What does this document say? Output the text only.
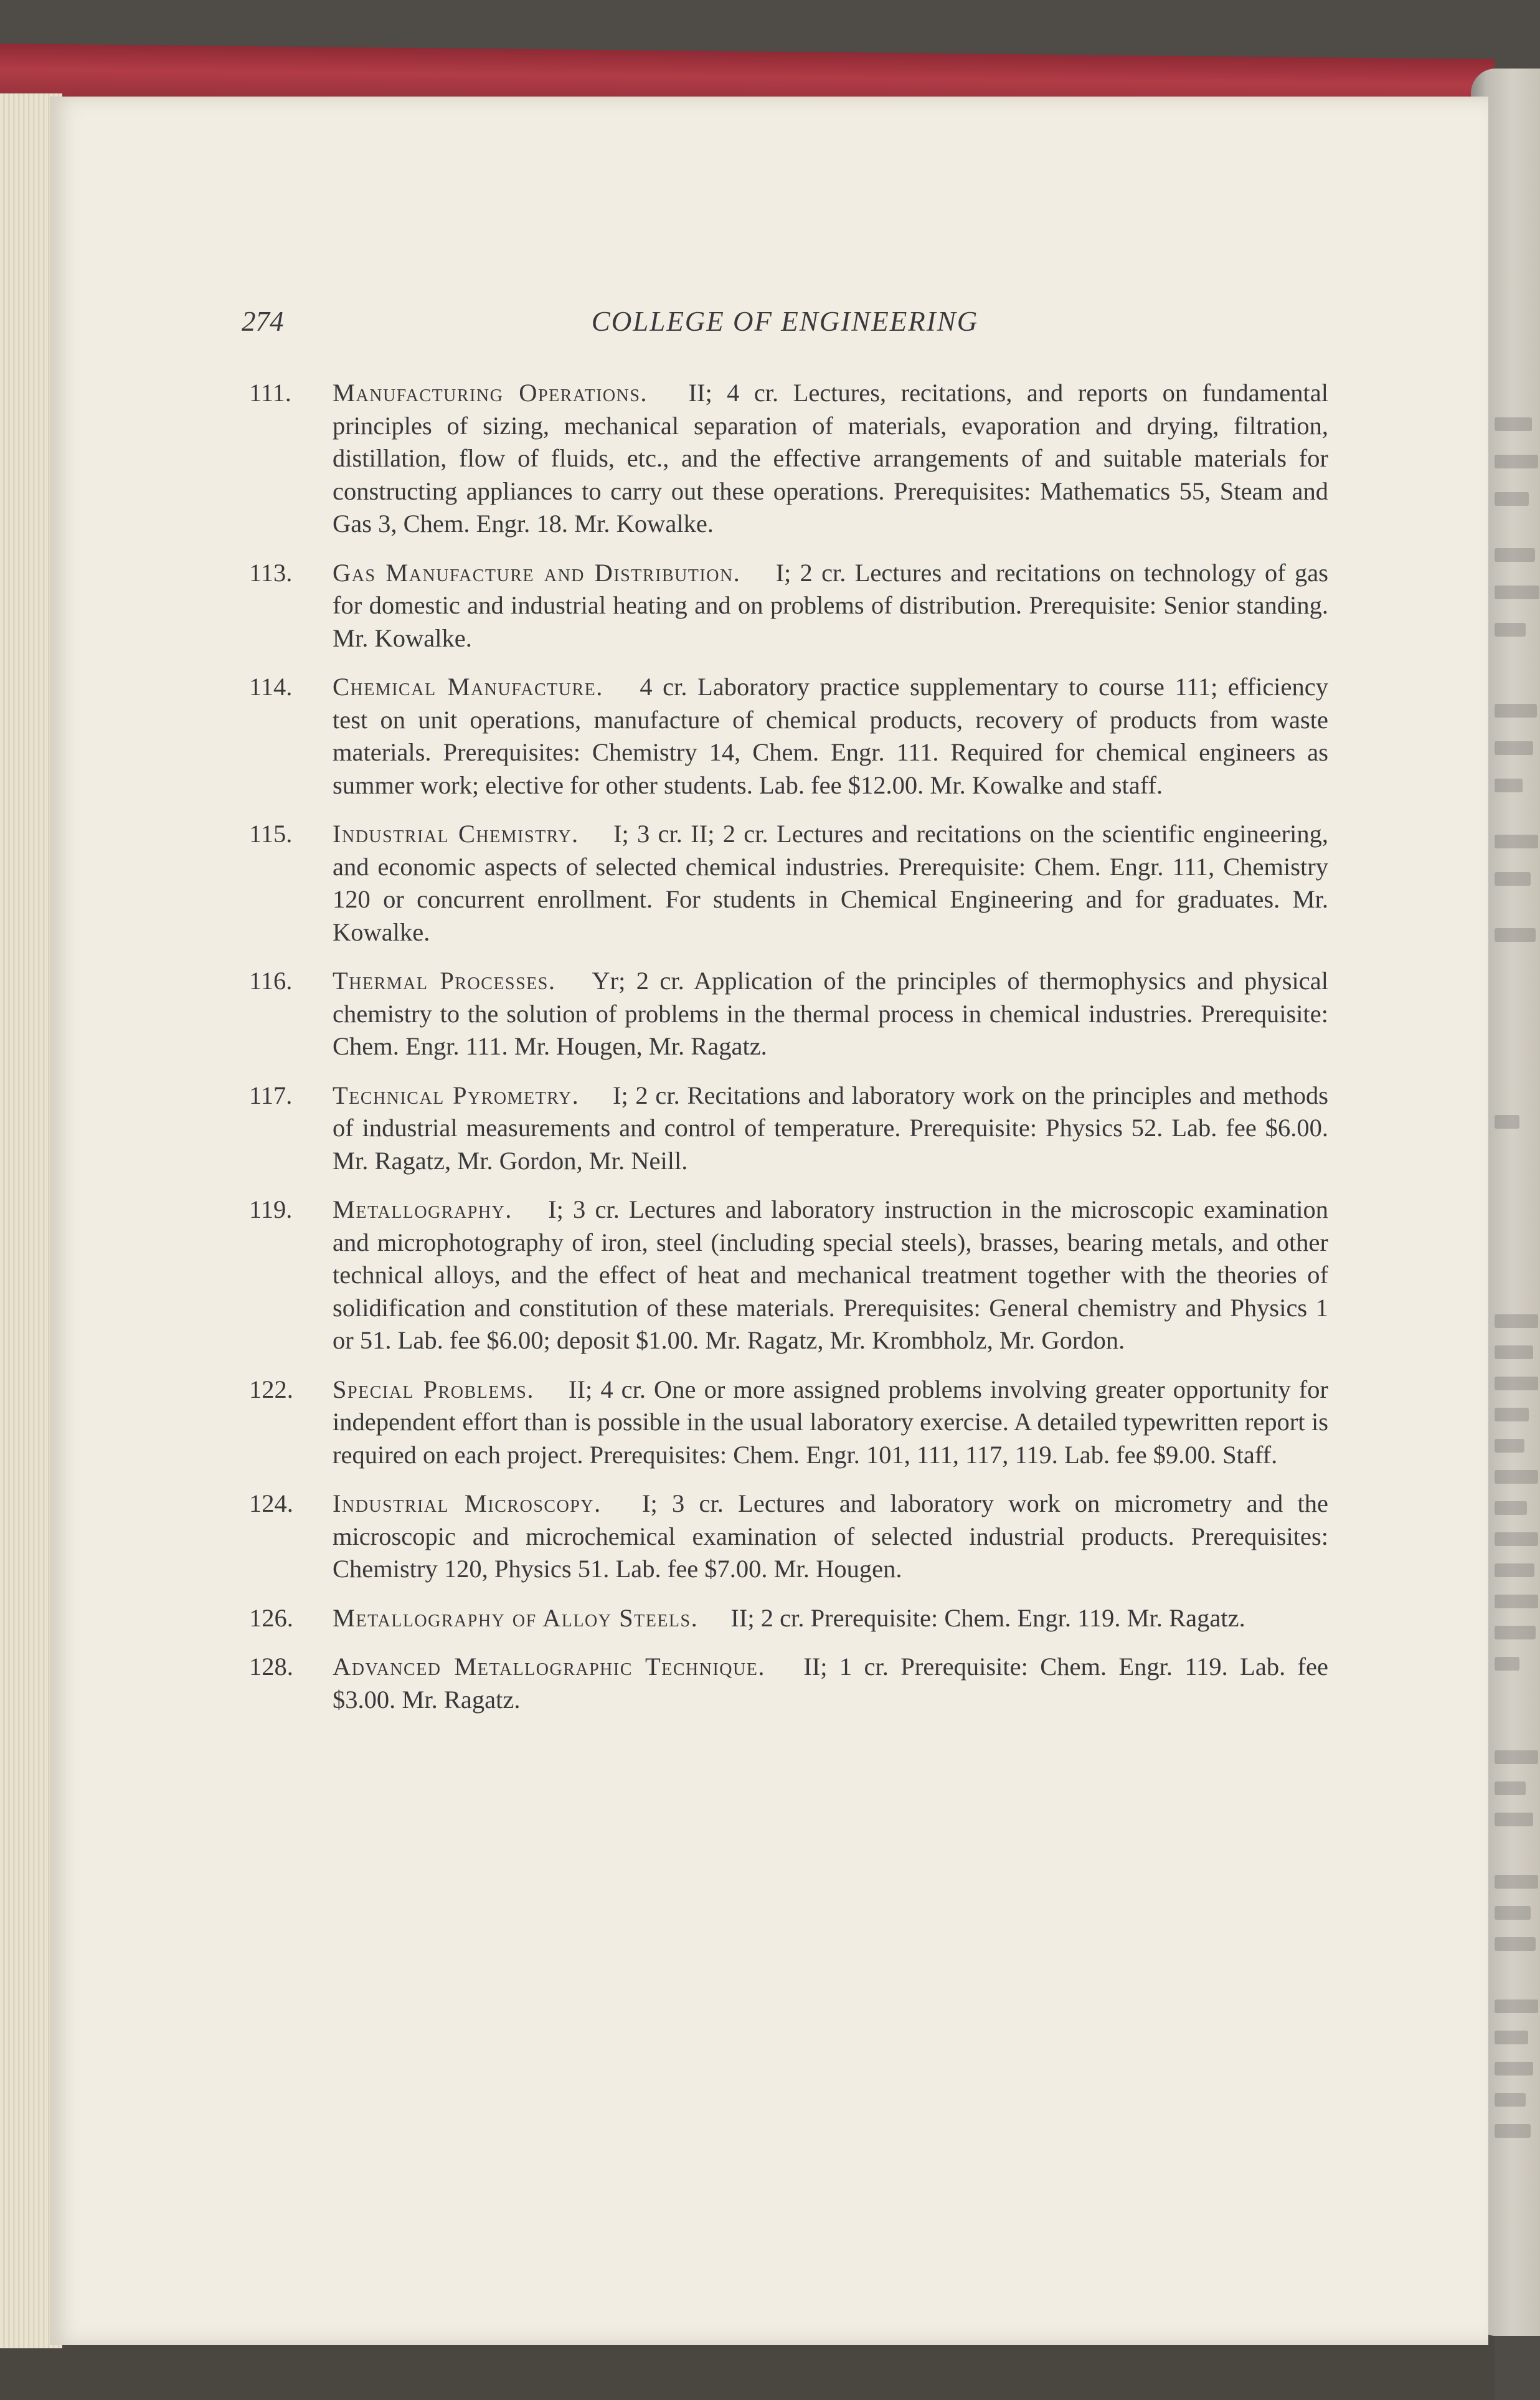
274	COLLEGE OF ENGINEERING
111. Manufacturing Operations.  II; 4 cr. Lectures, recitations, and reports on fundamental principles of sizing, mechanical separation of materials, evaporation and drying, filtration, distillation, flow of fluids, etc., and the effective arrangements of and suitable materials for constructing appliances to carry out these operations. Prerequisites: Mathematics 55, Steam and Gas 3, Chem. Engr. 18. Mr. Kowalke.
113. Gas Manufacture and Distribution.  I; 2 cr. Lectures and recitations on technology of gas for domestic and industrial heating and on problems of distribution. Prerequisite: Senior standing. Mr. Kowalke.
114. Chemical Manufacture.  4 cr. Laboratory practice supplementary to course 111; efficiency test on unit operations, manufacture of chemical products, recovery of products from waste materials. Prerequisites: Chemistry 14, Chem. Engr. 111. Required for chemical engineers as summer work; elective for other students. Lab. fee $12.00. Mr. Kowalke and staff.
115. Industrial Chemistry.  I; 3 cr. II; 2 cr. Lectures and recitations on the scientific engineering, and economic aspects of selected chemical industries. Prerequisite: Chem. Engr. 111, Chemistry 120 or concurrent enrollment. For students in Chemical Engineering and for graduates. Mr. Kowalke.
116. Thermal Processes.  Yr; 2 cr. Application of the principles of thermophysics and physical chemistry to the solution of problems in the thermal process in chemical industries. Prerequisite: Chem. Engr. 111. Mr. Hougen, Mr. Ragatz.
117. Technical Pyrometry.  I; 2 cr. Recitations and laboratory work on the principles and methods of industrial measurements and control of temperature. Prerequisite: Physics 52. Lab. fee $6.00. Mr. Ragatz, Mr. Gordon, Mr. Neill.
119. Metallography.  I; 3 cr. Lectures and laboratory instruction in the microscopic examination and microphotography of iron, steel (including special steels), brasses, bearing metals, and other technical alloys, and the effect of heat and mechanical treatment together with the theories of solidification and constitution of these materials. Prerequisites: General chemistry and Physics 1 or 51. Lab. fee $6.00; deposit $1.00. Mr. Ragatz, Mr. Krombholz, Mr. Gordon.
122. Special Problems.  II; 4 cr. One or more assigned problems involving greater opportunity for independent effort than is possible in the usual laboratory exercise. A detailed typewritten report is required on each project. Prerequisites: Chem. Engr. 101, 111, 117, 119. Lab. fee $9.00. Staff.
124. Industrial Microscopy.  I; 3 cr. Lectures and laboratory work on micrometry and the microscopic and microchemical examination of selected industrial products. Prerequisites: Chemistry 120, Physics 51. Lab. fee $7.00. Mr. Hougen.
126. Metallography of Alloy Steels.  II; 2 cr. Prerequisite: Chem. Engr. 119. Mr. Ragatz.
128. Advanced Metallographic Technique.  II; 1 cr. Prerequisite: Chem. Engr. 119. Lab. fee $3.00. Mr. Ragatz.
